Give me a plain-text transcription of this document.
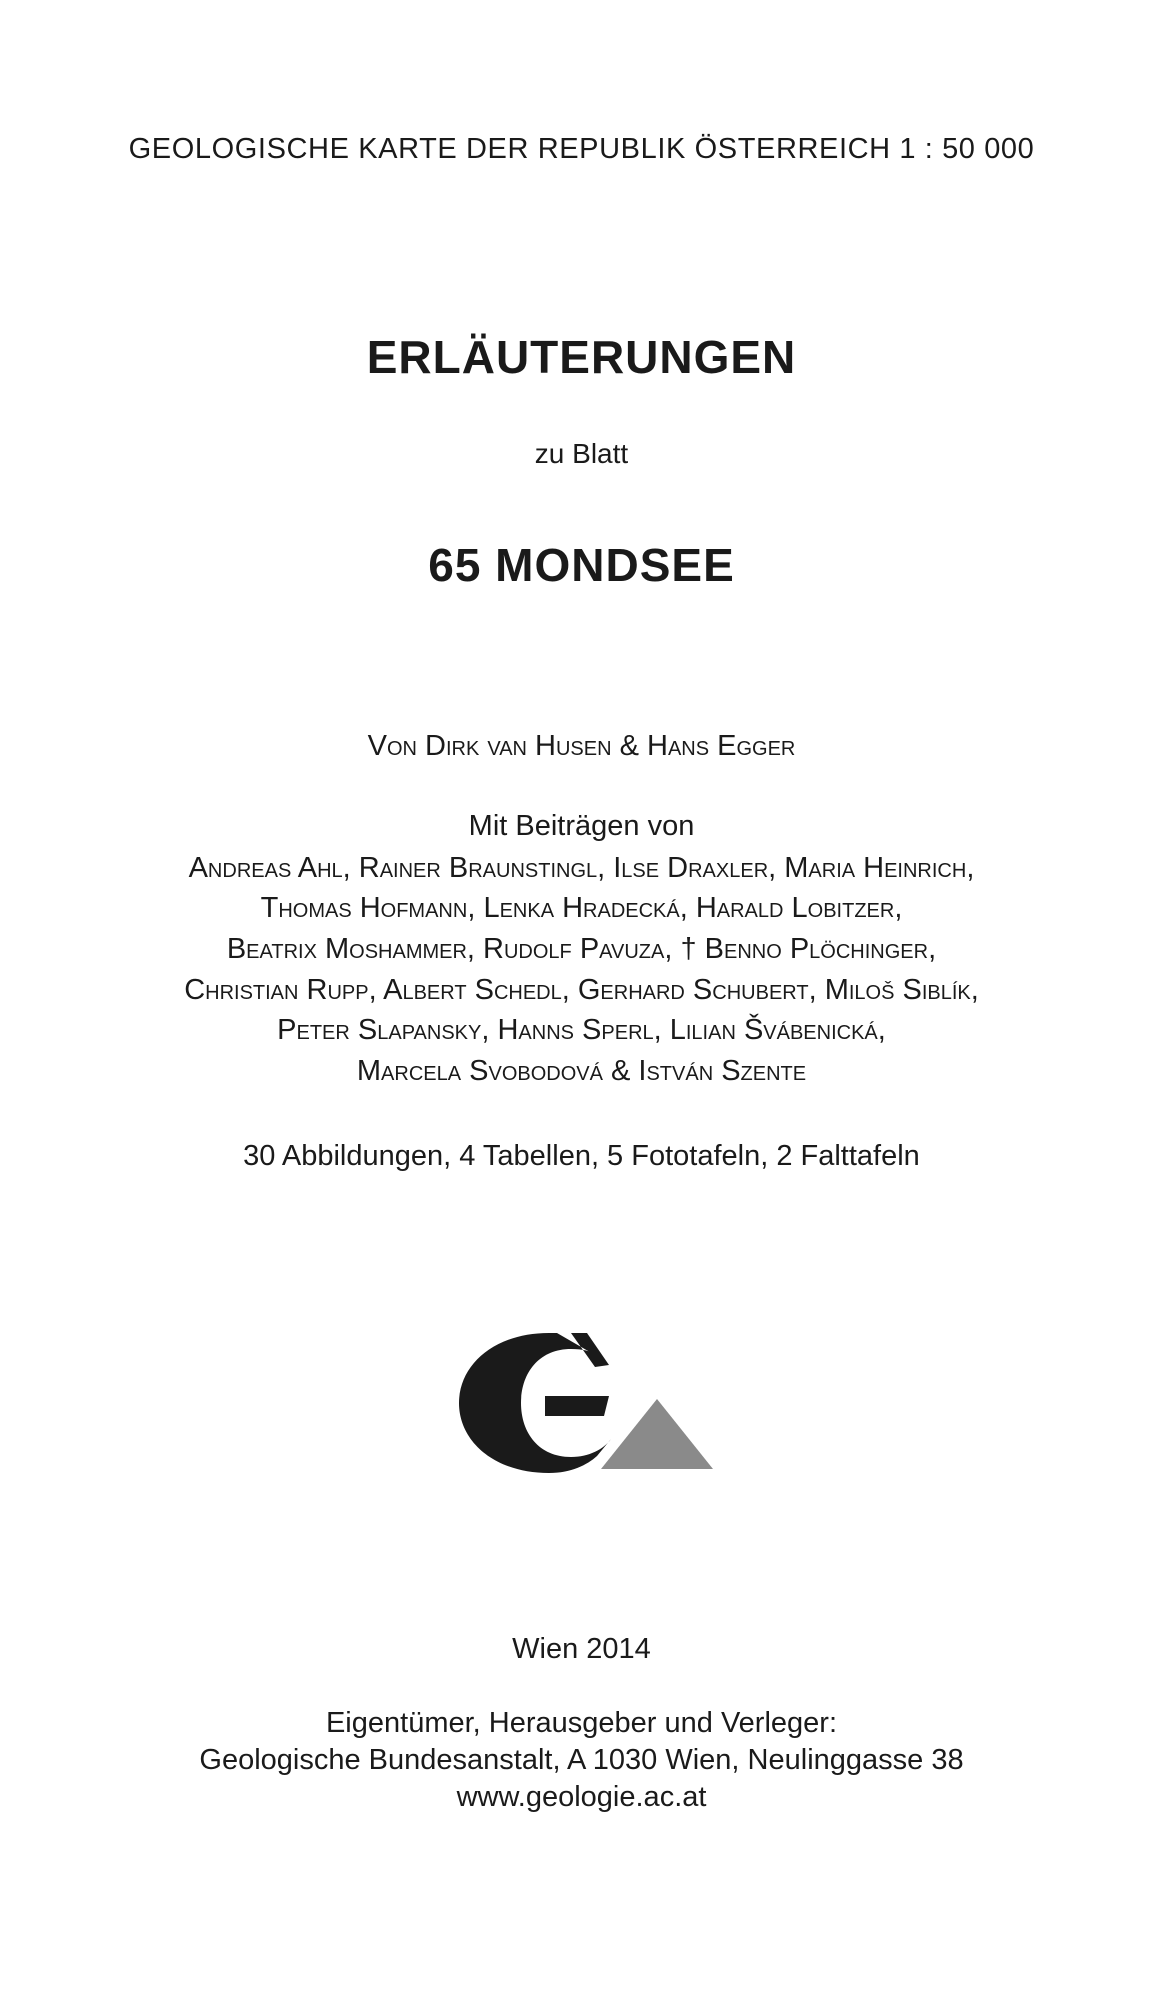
GEOLOGISCHE KARTE DER REPUBLIK ÖSTERREICH 1 : 50 000
ERLÄUTERUNGEN
zu Blatt
65 MONDSEE
Von Dirk van Husen & Hans Egger
Mit Beiträgen von
Andreas Ahl, Rainer Braunstingl, Ilse Draxler, Maria Heinrich,
Thomas Hofmann, Lenka Hradecká, Harald Lobitzer,
Beatrix Moshammer, Rudolf Pavuza, † Benno Plöchinger,
Christian Rupp, Albert Schedl, Gerhard Schubert, Miloš Siblík,
Peter Slapansky, Hanns Sperl, Lilian Švábenická,
Marcela Svobodová & István Szente
30 Abbildungen, 4 Tabellen, 5 Fototafeln, 2 Falttafeln
Wien 2014
Eigentümer, Herausgeber und Verleger:
Geologische Bundesanstalt, A 1030 Wien, Neulinggasse 38
www.geologie.ac.at
